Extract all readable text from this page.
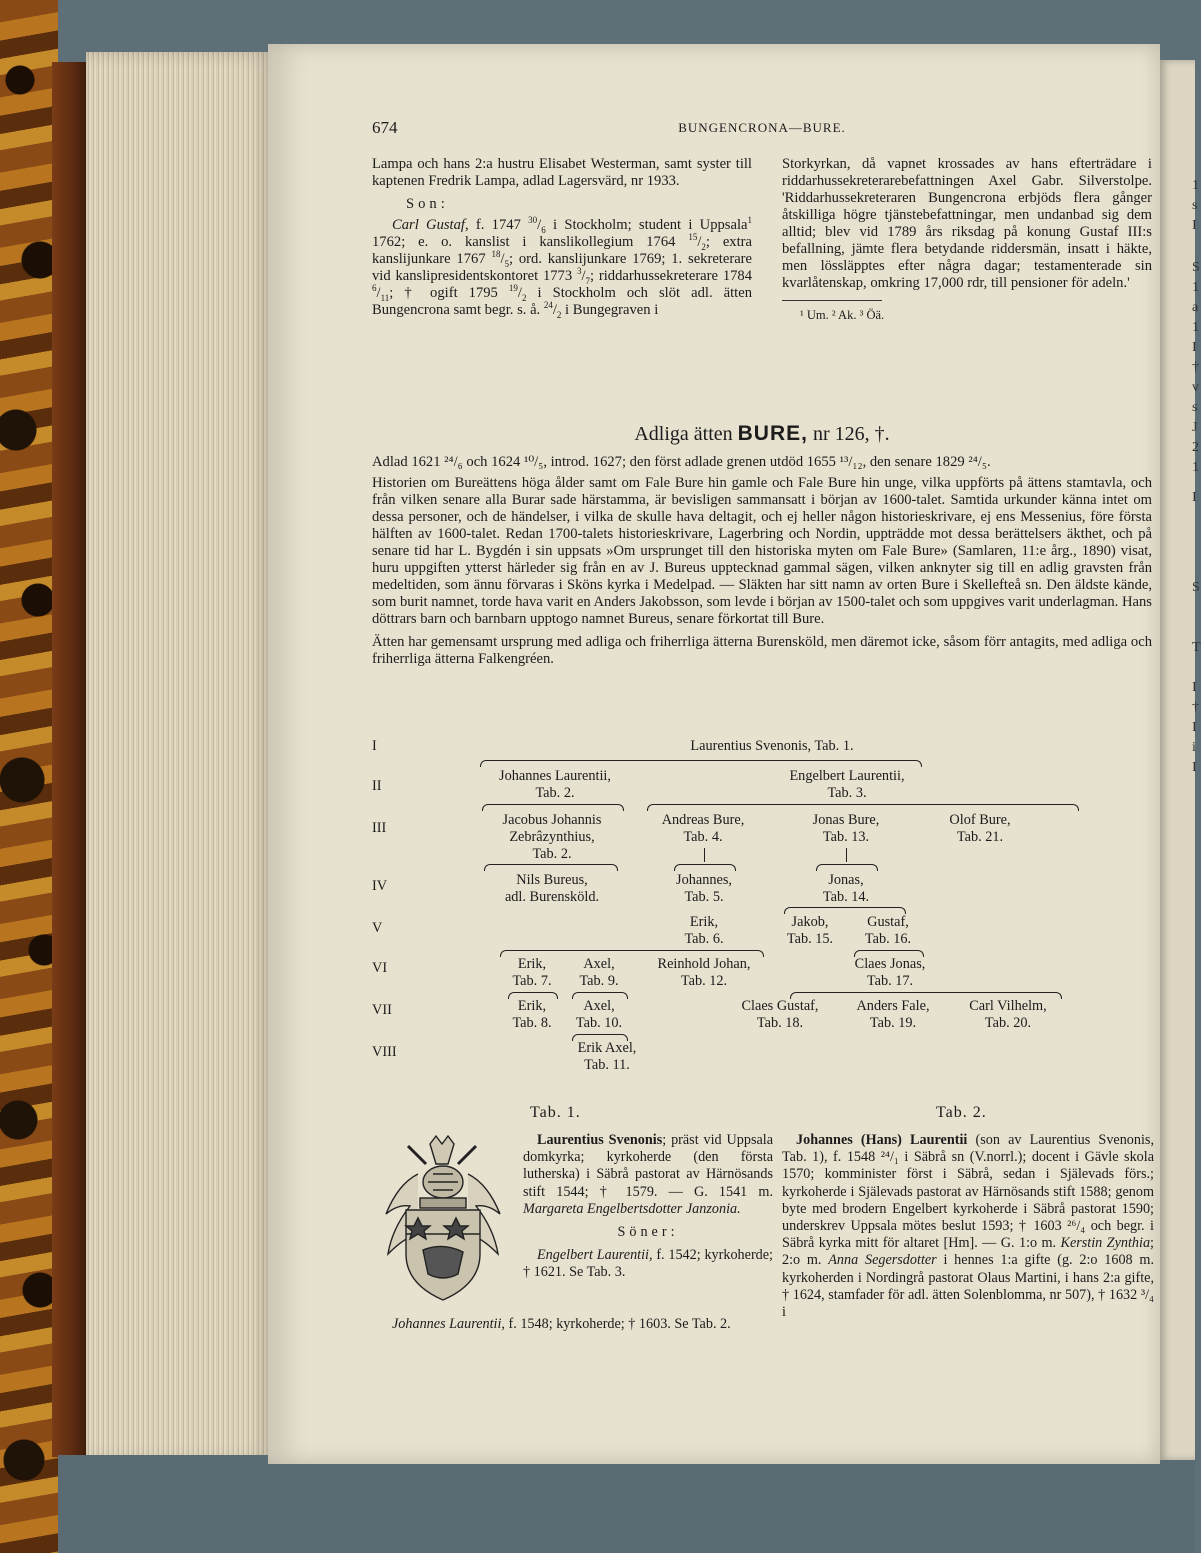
1
s
I
S
1
a
1
I
†
v
s
J
2
1
I
S
T
I
†
I
i
I
674	BUNGENCRONA—BURE.

Lampa och hans 2:a hustru Elisabet Westerman, samt syster till kaptenen Fredrik Lampa, adlad Lagersvärd, nr 1933.

Son:

Carl Gustaf, f. 1747 $^{30}/_6$ i Stockholm; student i Uppsala$^1$ 1762; e. o. kanslist i kanslikollegium 1764 $^{15}/_2$; extra kanslijunkare 1767 $^{18}/_5$; ord. kanslijunkare 1769; 1. sekreterare vid kanslipresidentskontoret 1773 $^3/_7$; riddarhussekreterare 1784 $^6/_{11}$; † ogift 1795 $^{19}/_2$ i Stockholm och slöt adl. ätten Bungencrona samt begr. s. å. $^{24}/_2$ i Bungegraven i

Storkyrkan, då vapnet krossades av hans efterträdare i riddarhussekreterarebefattningen Axel Gabr. Silverstolpe. 'Riddarhussekreteraren Bungencrona erbjöds flera gånger åtskilliga högre tjänstebefattningar, men undanbad sig dem alltid; blev vid 1789 års riksdag på konung Gustaf III:s befallning, jämte flera betydande riddersmän, insatt i häkte, men lössläpptes efter några dagar; testamenterade sin kvarlåtenskap, omkring 17,000 rdr, till pensioner för adeln.'

¹ Um. ² Ak. ³ Öä.

Adliga ätten BURE, nr 126, †.

Adlad 1621 ²⁴/₆ och 1624 ¹⁰/₅, introd. 1627; den först adlade grenen utdöd 1655 ¹³/₁₂, den senare 1829 ²⁴/₅.

Historien om Bureättens höga ålder samt om Fale Bure hin gamle och Fale Bure hin unge, vilka uppförts på ättens stamtavla, och från vilken senare alla Burar sade härstamma, är bevisligen sammansatt i början av 1600-talet. Samtida urkunder känna intet om dessa personer, och de händelser, i vilka de skulle hava deltagit, och ej heller någon historieskrivare, ej ens Messenius, före första hälften av 1600-talet. Redan 1700-talets historieskrivare, Lagerbring och Nordin, uppträdde mot dessa berättelsers äkthet, och på senare tid har L. Bygdén i sin uppsats »Om ursprunget till den historiska myten om Fale Bure» (Samlaren, 11:e årg., 1890) visat, huru uppgiften ytterst härleder sig från en av J. Bureus upptecknad gammal sägen, vilken anknyter sig till en adlig gravsten från medeltiden, som ännu förvaras i Sköns kyrka i Medelpad. — Släkten har sitt namn av orten Bure i Skellefteå sn. Den äldste kände, som burit namnet, torde hava varit en Anders Jakobsson, som levde i början av 1500-talet och som uppgives varit underlagman. Hans döttrars barn och barnbarn upptogo namnet Bureus, senare förkortat till Bure.

Ätten har gemensamt ursprung med adliga och friherrliga ätterna Burensköld, men däremot icke, såsom förr antagits, med adliga och friherrliga ätterna Falkengréen.

I
II
III
IV
V
VI
VII
VIII
Laurentius Svenonis, Tab. 1.
Johannes Laurentii,
Tab. 2.
Engelbert Laurentii,
Tab. 3.
Jacobus Johannis
Zebrâzynthius,
Tab. 2.
Andreas Bure,
Tab. 4.
Jonas Bure,
Tab. 13.
Olof Bure,
Tab. 21.
Nils Bureus,
adl. Burensköld.
Johannes,
Tab. 5.
Jonas,
Tab. 14.
Erik,
Tab. 6.
Jakob,
Tab. 15.
Gustaf,
Tab. 16.
Erik,
Tab. 7.
Axel,
Tab. 9.
Reinhold Johan,
Tab. 12.
Claes Jonas,
Tab. 17.
Erik,
Tab. 8.
Axel,
Tab. 10.
Claes Gustaf,
Tab. 18.
Anders Fale,
Tab. 19.
Carl Vilhelm,
Tab. 20.
Erik Axel,
Tab. 11.
Tab. 1.	Tab. 2.

Laurentius Svenonis; präst vid Uppsala domkyrka; kyrkoherde (den första lutherska) i Säbrå pastorat av Härnösands stift 1544; † 1579. — G. 1541 m. Margareta Engelbertsdotter Janzonia.

Söner:

Engelbert Laurentii, f. 1542; kyrkoherde; † 1621. Se Tab. 3.

Johannes Laurentii, f. 1548; kyrkoherde; † 1603. Se Tab. 2.

Johannes (Hans) Laurentii (son av Laurentius Svenonis, Tab. 1), f. 1548 ²⁴/₁ i Säbrå sn (V.norrl.); docent i Gävle skola 1570; komminister först i Säbrå, sedan i Själevads förs.; kyrkoherde i Själevads pastorat av Härnösands stift 1588; genom byte med brodern Engelbert kyrkoherde i Säbrå pastorat 1590; underskrev Uppsala mötes beslut 1593; † 1603 ²⁶/₄ och begr. i Säbrå kyrka mitt för altaret [Hm]. — G. 1:o m. Kerstin Zynthia; 2:o m. Anna Segersdotter i hennes 1:a gifte (g. 2:o 1608 m. kyrkoherden i Nordingrå pastorat Olaus Martini, i hans 2:a gifte, † 1624, stamfader för adl. ätten Solenblomma, nr 507), † 1632 ³/₄ i
